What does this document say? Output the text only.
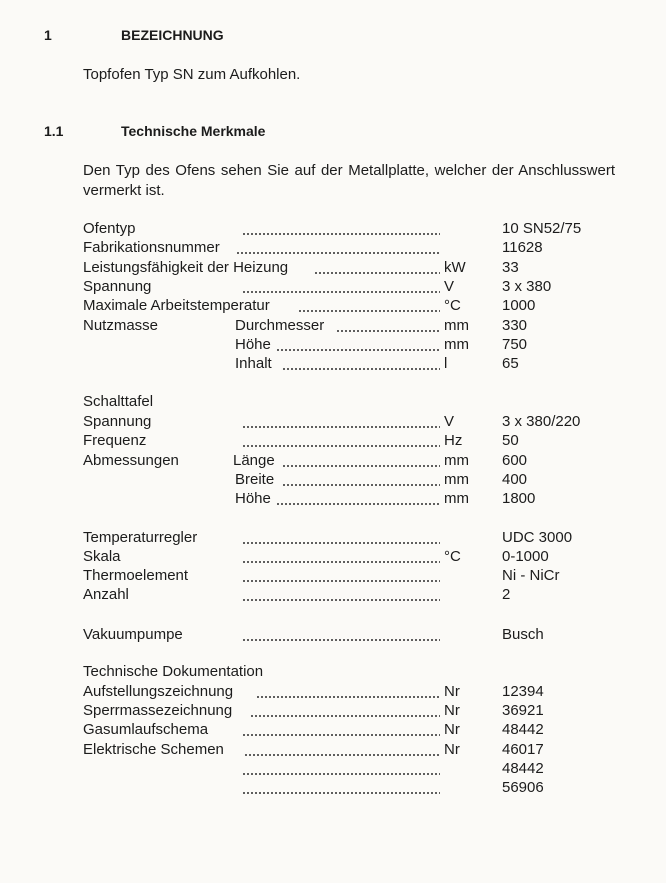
1	BEZEICHNUNG
Topfofen Typ SN zum Aufkohlen.
1.1	Technische Merkmale
Den Typ des Ofens sehen Sie auf der Metallplatte, welcher der Anschlusswert vermerkt ist.
Ofentyp	10 SN52/75
Fabrikationsnummer	11628
Leistungsfähigkeit der Heizung	kW 33
Spannung	V	3 x 380
Maximale Arbeitstemperatur	°C	1000
Nutzmasse	Durchmesser	mm 330
Höhe	mm 750
Inhalt	l	65
Schalttafel
Spannung	V	3 x 380/220
Frequenz	Hz	50
Abmessungen	Länge	mm 600
Breite	mm 400
Höhe	mm 1800
Temperaturregler	UDC 3000
Skala	°C	0-1000
Thermoelement	Ni - NiCr
Anzahl	2
Vakuumpumpe	Busch
Technische Dokumentation
Aufstellungszeichnung	Nr	12394
Sperrmassezeichnung	Nr	36921
Gasumlaufschema	Nr	48442
Elektrische Schemen	Nr	46017
48442
56906
